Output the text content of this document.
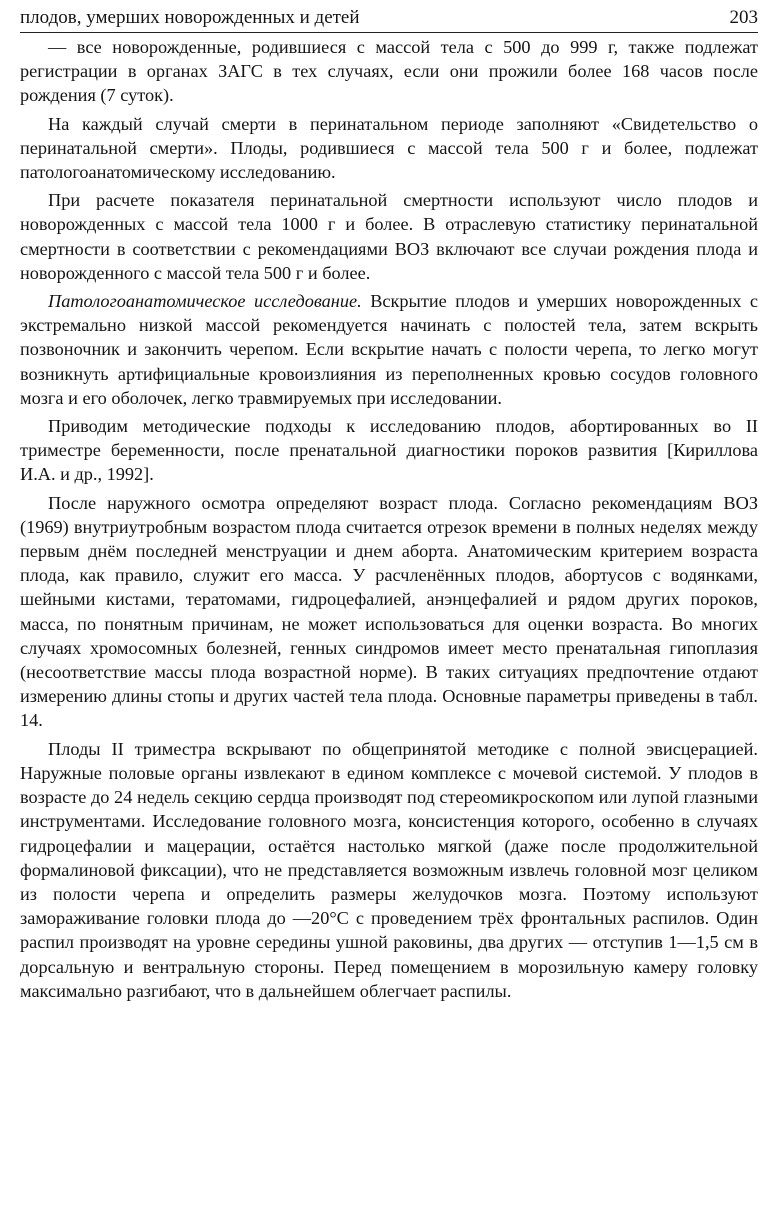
плодов, умерших новорожденных и детей	203

— все новорожденные, родившиеся с массой тела с 500 до 999 г, также подлежат регистрации в органах ЗАГС в тех случаях, если они прожили более 168 часов после рождения (7 суток).

На каждый случай смерти в перинатальном периоде заполняют «Свидетельство о перинатальной смерти». Плоды, родившиеся с массой тела 500 г и более, подлежат патологоанатомическому исследованию.

При расчете показателя перинатальной смертности используют число плодов и новорожденных с массой тела 1000 г и более. В отраслевую статистику перинатальной смертности в соответствии с рекомендациями ВОЗ включают все случаи рождения плода и новорожденного с массой тела 500 г и более.

Патологоанатомическое исследование. Вскрытие плодов и умерших новорожденных с экстремально низкой массой рекомендуется начинать с полостей тела, затем вскрыть позвоночник и закончить черепом. Если вскрытие начать с полости черепа, то легко могут возникнуть артифициальные кровоизлияния из переполненных кровью сосудов головного мозга и его оболочек, легко травмируемых при исследовании.

Приводим методические подходы к исследованию плодов, абортированных во II триместре беременности, после пренатальной диагностики пороков развития [Кириллова И.А. и др., 1992].

После наружного осмотра определяют возраст плода. Согласно рекомендациям ВОЗ (1969) внутриутробным возрастом плода считается отрезок времени в полных неделях между первым днём последней менструации и днем аборта. Анатомическим критерием возраста плода, как правило, служит его масса. У расчленённых плодов, абортусов с водянками, шейными кистами, тератомами, гидроцефалией, анэнцефалией и рядом других пороков, масса, по понятным причинам, не может использоваться для оценки возраста. Во многих случаях хромосомных болезней, генных синдромов имеет место пренатальная гипоплазия (несоответствие массы плода возрастной норме). В таких ситуациях предпочтение отдают измерению длины стопы и других частей тела плода. Основные параметры приведены в табл. 14.

Плоды II триместра вскрывают по общепринятой методике с полной эвисцерацией. Наружные половые органы извлекают в едином комплексе с мочевой системой. У плодов в возрасте до 24 недель секцию сердца производят под стереомикроскопом или лупой глазными инструментами. Исследование головного мозга, консистенция которого, особенно в случаях гидроцефалии и мацерации, остаётся настолько мягкой (даже после продолжительной формалиновой фиксации), что не представляется возможным извлечь головной мозг целиком из полости черепа и определить размеры желудочков мозга. Поэтому используют замораживание головки плода до —20°С с проведением трёх фронтальных распилов. Один распил производят на уровне середины ушной раковины, два других — отступив 1—1,5 см в дорсальную и вентральную стороны. Перед помещением в морозильную камеру головку максимально разгибают, что в дальнейшем облегчает распилы.
